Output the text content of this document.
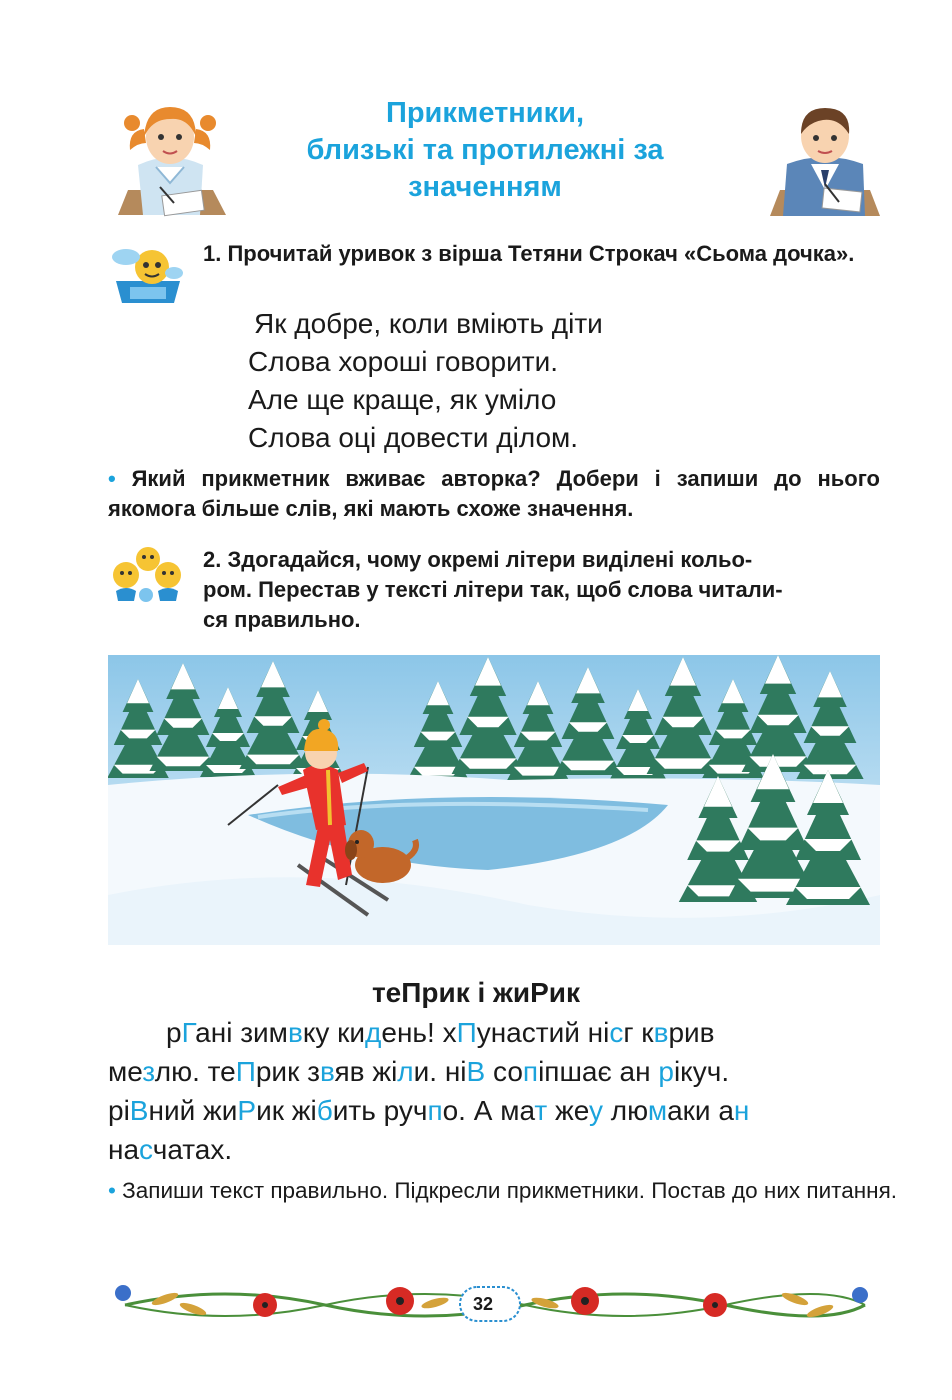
Прикметники,
близькі та протилежні за
значенням
1. Прочитай уривок з вірша Тетяни Строкач «Сьома дочка».
Як добре, коли вміють діти
Слова хороші говорити.
Але ще краще, як уміло
Слова оці довести ділом.
• Який прикметник вживає авторка? Добери і запиши до нього якомога більше слів, які мають схоже значення.
2. Здогадайся, чому окремі літери виділені кольо-
ром. Перестав у тексті літери так, щоб слова читали-
ся правильно.
теПрик і жиРик
рГані зимвку кидень! хПунастий нісг кврив
мезлю. теПрик звяв жіли. ніВ сопіпшає ан рікуч.
ріВний жиРик жібить ручпо. А мат жеу люмаки ан
насчатах.
• Запиши текст правильно. Підкресли прикметники. Постав до них питання.
32
